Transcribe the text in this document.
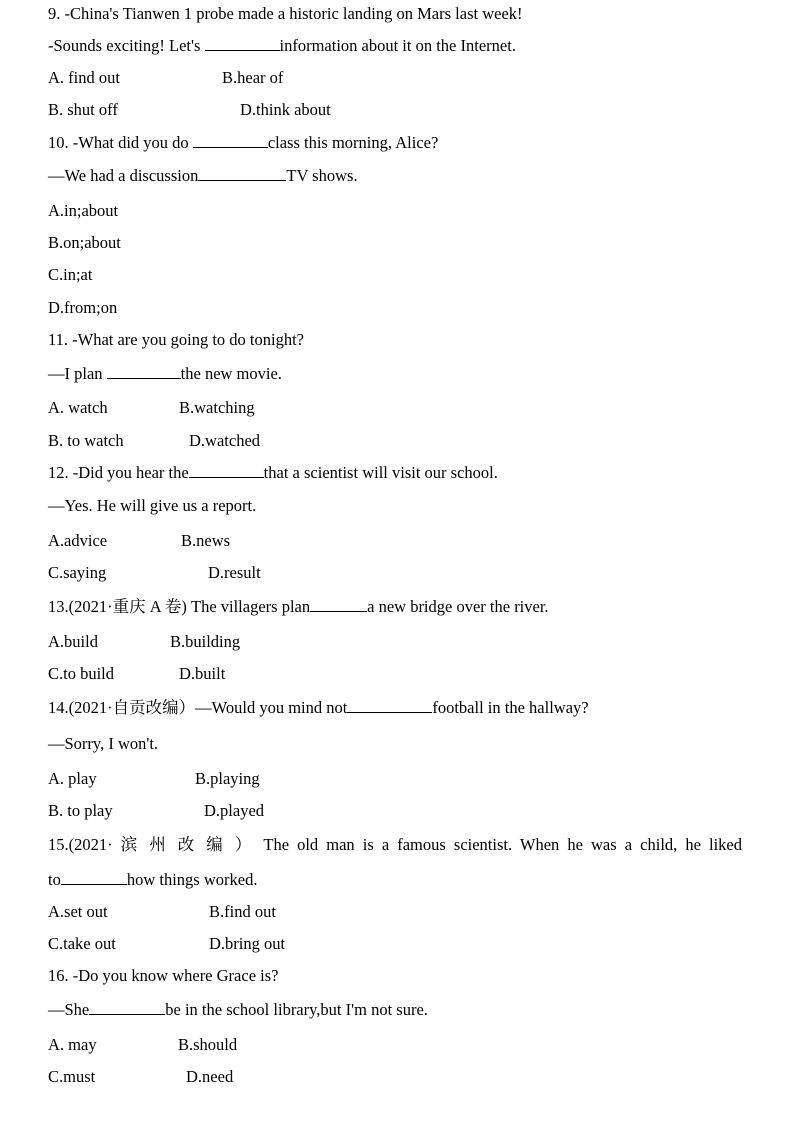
9. -China's Tianwen 1 probe made a historic landing on Mars last week!
-Sounds exciting! Let's	information about it on the Internet.
A. find out	B.hear of
B. shut off	D.think about
10. -What did you do	class this morning, Alice?
—We had a discussion	TV shows.
A.in;about
B.on;about
C.in;at
D.from;on
11. -What are you going to do tonight?
—I plan	the new movie.
A. watch	B.watching
B. to watch	D.watched
12. -Did you hear the	that a scientist will visit our school.
—Yes. He will give us a report.
A.advice	B.news
C.saying	D.result
13.(2021·重庆 A 卷) The villagers plan	a new bridge over the river.
A.build	B.building
C.to build	D.built
14.(2021·自贡改编）—Would you mind not	football in the hallway?
—Sorry, I won't.
A. play	B.playing
B. to play	D.played
15.(2021· 滨 州 改 编 ） The old man is a famous scientist. When he was a child, he liked
to	how things worked.
A.set out	B.find out
C.take out	D.bring out
16. -Do you know where Grace is?
—She	be in the school library,but I'm not sure.
A. may	B.should
C.must	D.need
